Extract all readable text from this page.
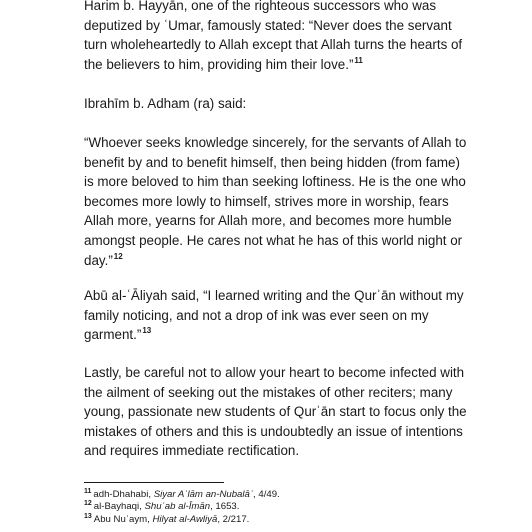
Harim b. Hayyān, one of the righteous successors who was deputized by ʿUmar, famously stated: “Never does the servant turn wholeheartedly to Allah except that Allah turns the hearts of the believers to him, providing him their love.”$^{11}$

Ibrahīm b. Adham (ra) said:

“Whoever seeks knowledge sincerely, for the servants of Allah to benefit by and to benefit himself, then being hidden (from fame) is more beloved to him than seeking loftiness. He is the one who becomes more lowly to himself, strives more in worship, fears Allah more, yearns for Allah more, and becomes more humble amongst people. He cares not what he has of this world night or day.”$^{12}$

Abū al-ʿĀliyah said, “I learned writing and the Qurʾān without my family noticing, and not a drop of ink was ever seen on my garment.”$^{13}$

Lastly, be careful not to allow your heart to become infected with the ailment of seeking out the mistakes of other reciters; many young, passionate new students of Qurʾān start to focus only the mistakes of others and this is undoubtedly an issue of intentions and requires immediate rectification.

$^{11}$ adh-Dhahabi, Siyar Aʿlām an-Nubalāʾ, 4/49.
$^{12}$ al-Bayhaqi, Shuʿab al-Īmān, 1653.
$^{13}$ Abu Nuʿaym, Hilyat al-Awliyā, 2/217.
